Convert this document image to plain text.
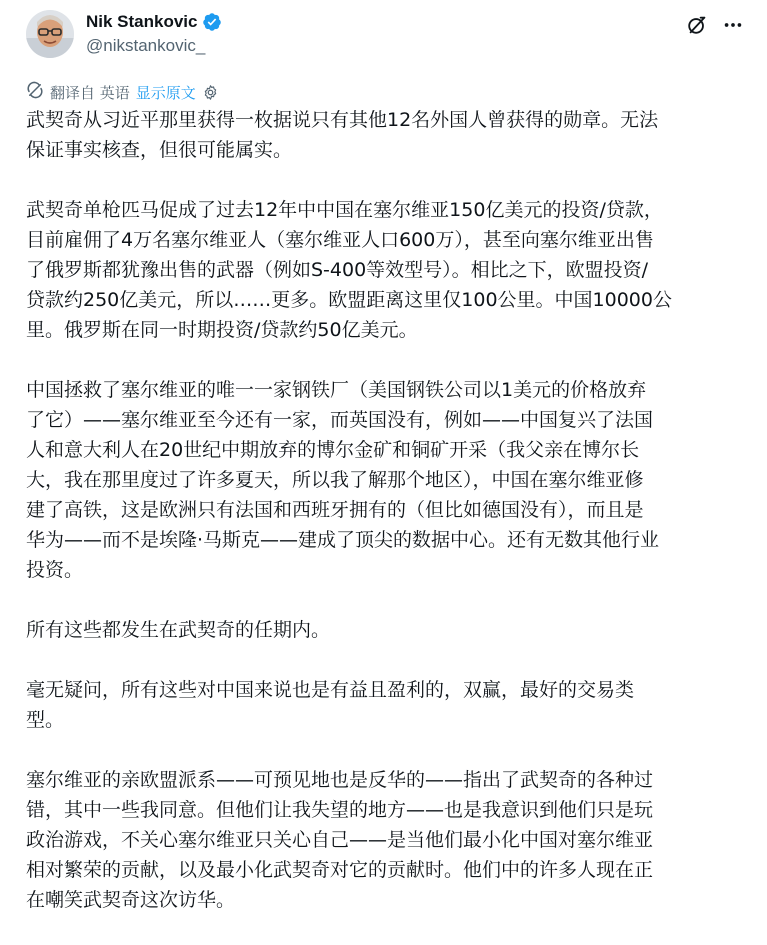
Nik Stankovic
@nikstankovic_
翻译自 英语 显示原文

武契奇从习近平那里获得一枚据说只有其他12名外国人曾获得的勋章。无法
保证事实核查，但很可能属实。

武契奇单枪匹马促成了过去12年中中国在塞尔维亚150亿美元的投资/贷款，
目前雇佣了4万名塞尔维亚人（塞尔维亚人口600万），甚至向塞尔维亚出售
了俄罗斯都犹豫出售的武器（例如S-400等效型号）。相比之下，欧盟投资/
贷款约250亿美元，所以……更多。欧盟距离这里仅100公里。中国10000公
里。俄罗斯在同一时期投资/贷款约50亿美元。

中国拯救了塞尔维亚的唯一一家钢铁厂（美国钢铁公司以1美元的价格放弃
了它）——塞尔维亚至今还有一家，而英国没有，例如——中国复兴了法国
人和意大利人在20世纪中期放弃的博尔金矿和铜矿开采（我父亲在博尔长
大，我在那里度过了许多夏天，所以我了解那个地区），中国在塞尔维亚修
建了高铁，这是欧洲只有法国和西班牙拥有的（但比如德国没有），而且是
华为——而不是埃隆·马斯克——建成了顶尖的数据中心。还有无数其他行业
投资。

所有这些都发生在武契奇的任期内。

毫无疑问，所有这些对中国来说也是有益且盈利的，双赢，最好的交易类
型。

塞尔维亚的亲欧盟派系——可预见地也是反华的——指出了武契奇的各种过
错，其中一些我同意。但他们让我失望的地方——也是我意识到他们只是玩
政治游戏，不关心塞尔维亚只关心自己——是当他们最小化中国对塞尔维亚
相对繁荣的贡献，以及最小化武契奇对它的贡献时。他们中的许多人现在正
在嘲笑武契奇这次访华。
